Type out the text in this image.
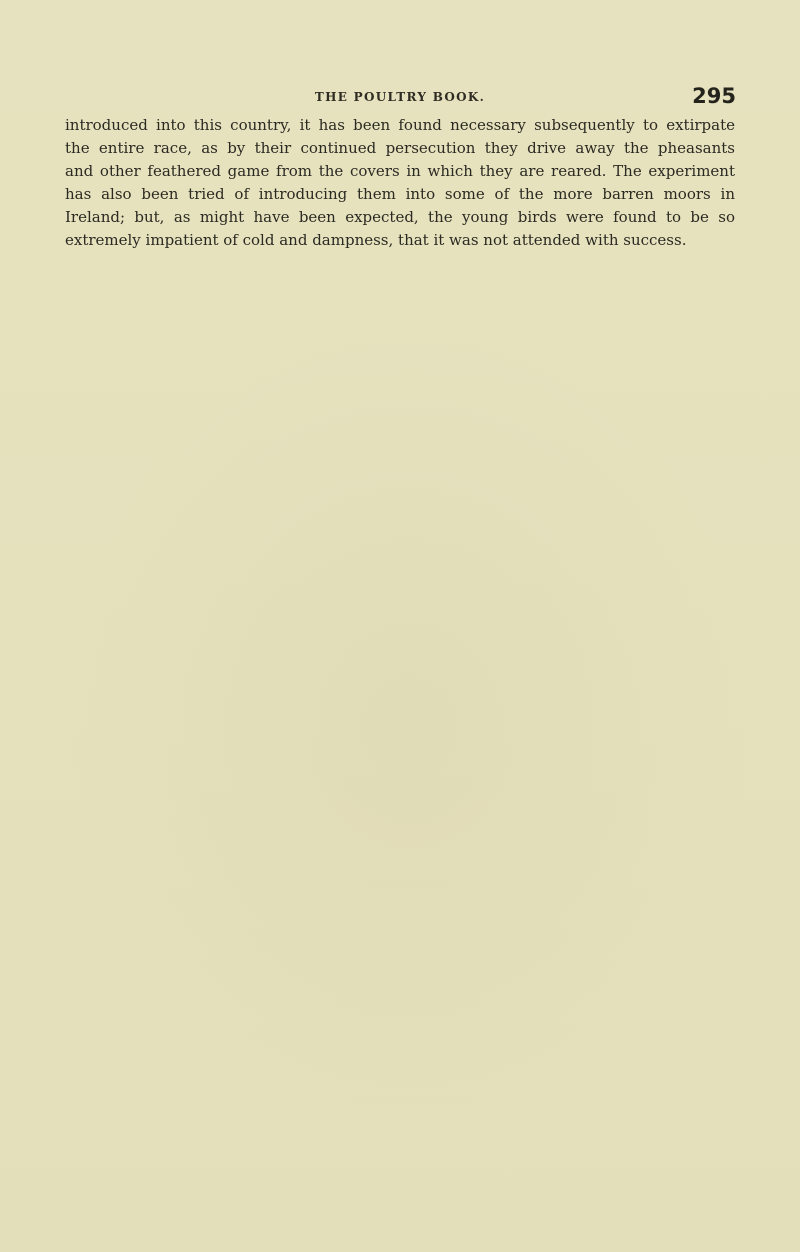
THE POULTRY BOOK.	295

introduced into this country, it has been found necessary subsequently to extirpate
the entire race, as by their continued persecution they drive away the pheasants
and other feathered game from the covers in which they are reared. The experiment
has also been tried of introducing them into some of the more barren moors in
Ireland; but, as might have been expected, the young birds were found to be so
extremely impatient of cold and dampness, that it was not attended with success.
